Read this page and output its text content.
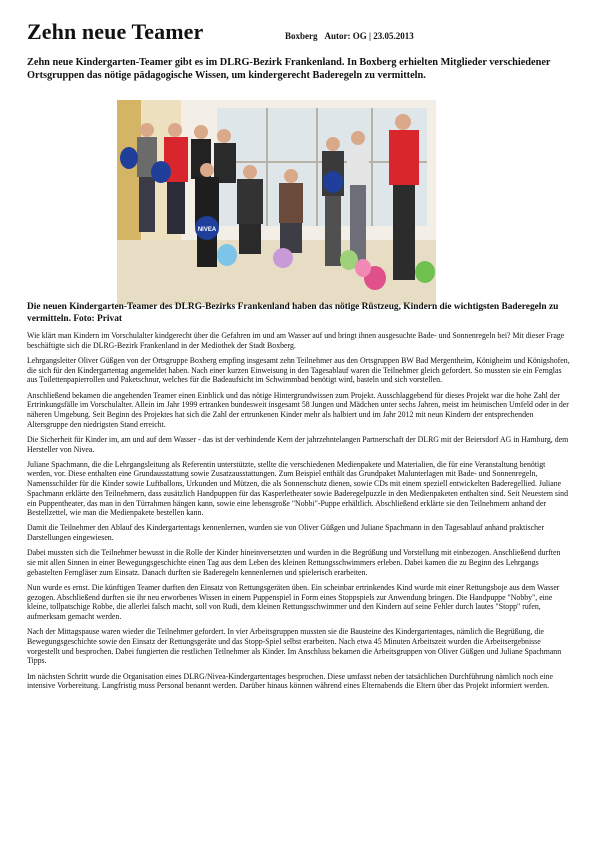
Zehn neue Teamer	Boxberg Autor: OG | 23.05.2013

Zehn neue Kindergarten-Teamer gibt es im DLRG-Bezirk Frankenland. In Boxberg erhielten Mitglieder verschiedener Ortsgruppen das nötige pädagogische Wissen, um kindergerecht Baderegeln zu vermitteln.

NIVEA

Die neuen Kindergarten-Teamer des DLRG-Bezirks Frankenland haben das nötige Rüstzeug, Kindern die wichtigsten Baderegeln zu vermitteln. Foto: Privat

Wie klärt man Kindern im Vorschulalter kindgerecht über die Gefahren im und am Wasser auf und bringt ihnen ausgesuchte Bade- und Sonnenregeln bei? Mit dieser Frage beschäftigte sich die DLRG-Bezirk Frankenland in der Mediothek der Stadt Boxberg.

Lehrgangsleiter Oliver Güßgen von der Ortsgruppe Boxberg empfing insgesamt zehn Teilnehmer aus den Ortsgruppen BW Bad Mergentheim, Königheim und Königshofen, die sich für den Kindergartentag angemeldet haben. Nach einer kurzen Einweisung in den Tagesablauf waren die Teilnehmer gleich gefordert. So mussten sie ein Fernglas aus Toilettenpapierrollen und Paketschnur, welches für die Badeaufsicht im Schwimmbad benötigt wird, basteln und sich vorstellen.

Anschließend bekamen die angehenden Teamer einen Einblick und das nötige Hintergrundwissen zum Projekt. Ausschlaggebend für dieses Projekt war die hohe Zahl der Ertrinkungsfälle im Vorschulalter. Allein im Jahr 1999 ertranken bundesweit insgesamt 58 Jungen und Mädchen unter sechs Jahren, meist im heimischen Umfeld oder in der näheren Umgebung. Seit Beginn des Projektes hat sich die Zahl der ertrunkenen Kinder mehr als halbiert und im Jahr 2012 mit neun Kindern der entsprechenden Altersgruppe den niedrigsten Stand erreicht.

Die Sicherheit für Kinder im, am und auf dem Wasser - das ist der verbindende Kern der jahrzehntelangen Partnerschaft der DLRG mit der Beiersdorf AG in Hamburg, dem Hersteller von Nivea.

Juliane Spachmann, die die Lehrgangsleitung als Referentin unterstützte, stellte die verschiedenen Medienpakete und Materialien, die für eine Veranstaltung benötigt werden, vor. Diese enthalten eine Grundausstattung sowie Zusatzausstattungen. Zum Beispiel enthält das Grundpaket Malunterlagen mit Bade- und Sonnenregeln, Namensschilder für die Kinder sowie Luftballons, Urkunden und Mützen, die als Sonnenschutz dienen, sowie CDs mit einem speziell entwickelten Baderegellied. Juliane Spachmann erklärte den Teilnehmern, dass zusätzlich Handpuppen für das Kasperletheater sowie Baderegelpuzzle in den Medienpaketen enthalten sind. Seit Neuestem sind ein Puppentheater, das man in den Türrahmen hängen kann, sowie eine lebensgroße "Nobbi"-Puppe erhältlich. Abschließend erklärte sie den Teilnehmern anhand der Bestellzettel, wie man die Medienpakete bestellen kann.

Damit die Teilnehmer den Ablauf des Kindergartentags kennenlernen, wurden sie von Oliver Güßgen und Juliane Spachmann in den Tagesablauf anhand praktischer Darstellungen eingewiesen.

Dabei mussten sich die Teilnehmer bewusst in die Rolle der Kinder hineinversetzten und wurden in die Begrüßung und Vorstellung mit einbezogen. Anschließend durften sie mit allen Sinnen in einer Bewegungsgeschichte einen Tag aus dem Leben des kleinen Rettungsschwimmers erleben. Dabei kamen die zu Beginn des Lehrgangs gebastelten Ferngläser zum Einsatz. Danach durften sie Baderegeln kennenlernen und spielerisch erarbeiten.

Nun wurde es ernst. Die künftigen Teamer durften den Einsatz von Rettungsgeräten üben. Ein scheinbar ertrinkendes Kind wurde mit einer Rettungsboje aus dem Wasser gezogen. Abschließend durften sie ihr neu erworbenes Wissen in einem Puppenspiel in Form eines Stoppspiels zur Anwendung bringen. Die Handpuppe "Nobby", eine kleine, tollpatschige Robbe, die allerlei falsch macht, soll von Rudi, dem kleinen Rettungsschwimmer und den Kindern auf seine Fehler durch lautes "Stopp" rufen, aufmerksam gemacht werden.

Nach der Mittagspause waren wieder die Teilnehmer gefordert. In vier Arbeitsgruppen mussten sie die Bausteine des Kindergartentages, nämlich die Begrüßung, die Bewegungsgeschichte sowie den Einsatz der Rettungsgeräte und das Stopp-Spiel selbst erarbeiten. Nach etwa 45 Minuten Arbeitszeit wurden die Arbeitsergebnisse vorgestellt und besprochen. Dabei fungierten die restlichen Teilnehmer als Kinder. Im Anschluss bekamen die Arbeitsgruppen von Oliver Güßgen und Juliane Spachmann Tipps.

Im nächsten Schritt wurde die Organisation eines DLRG/Nivea-Kindergartentages besprochen. Diese umfasst neben der tatsächlichen Durchführung nämlich noch eine intensive Vorbereitung. Langfristig muss Personal benannt werden. Darüber hinaus können während eines Elternabends die Eltern über das Projekt informiert werden.
